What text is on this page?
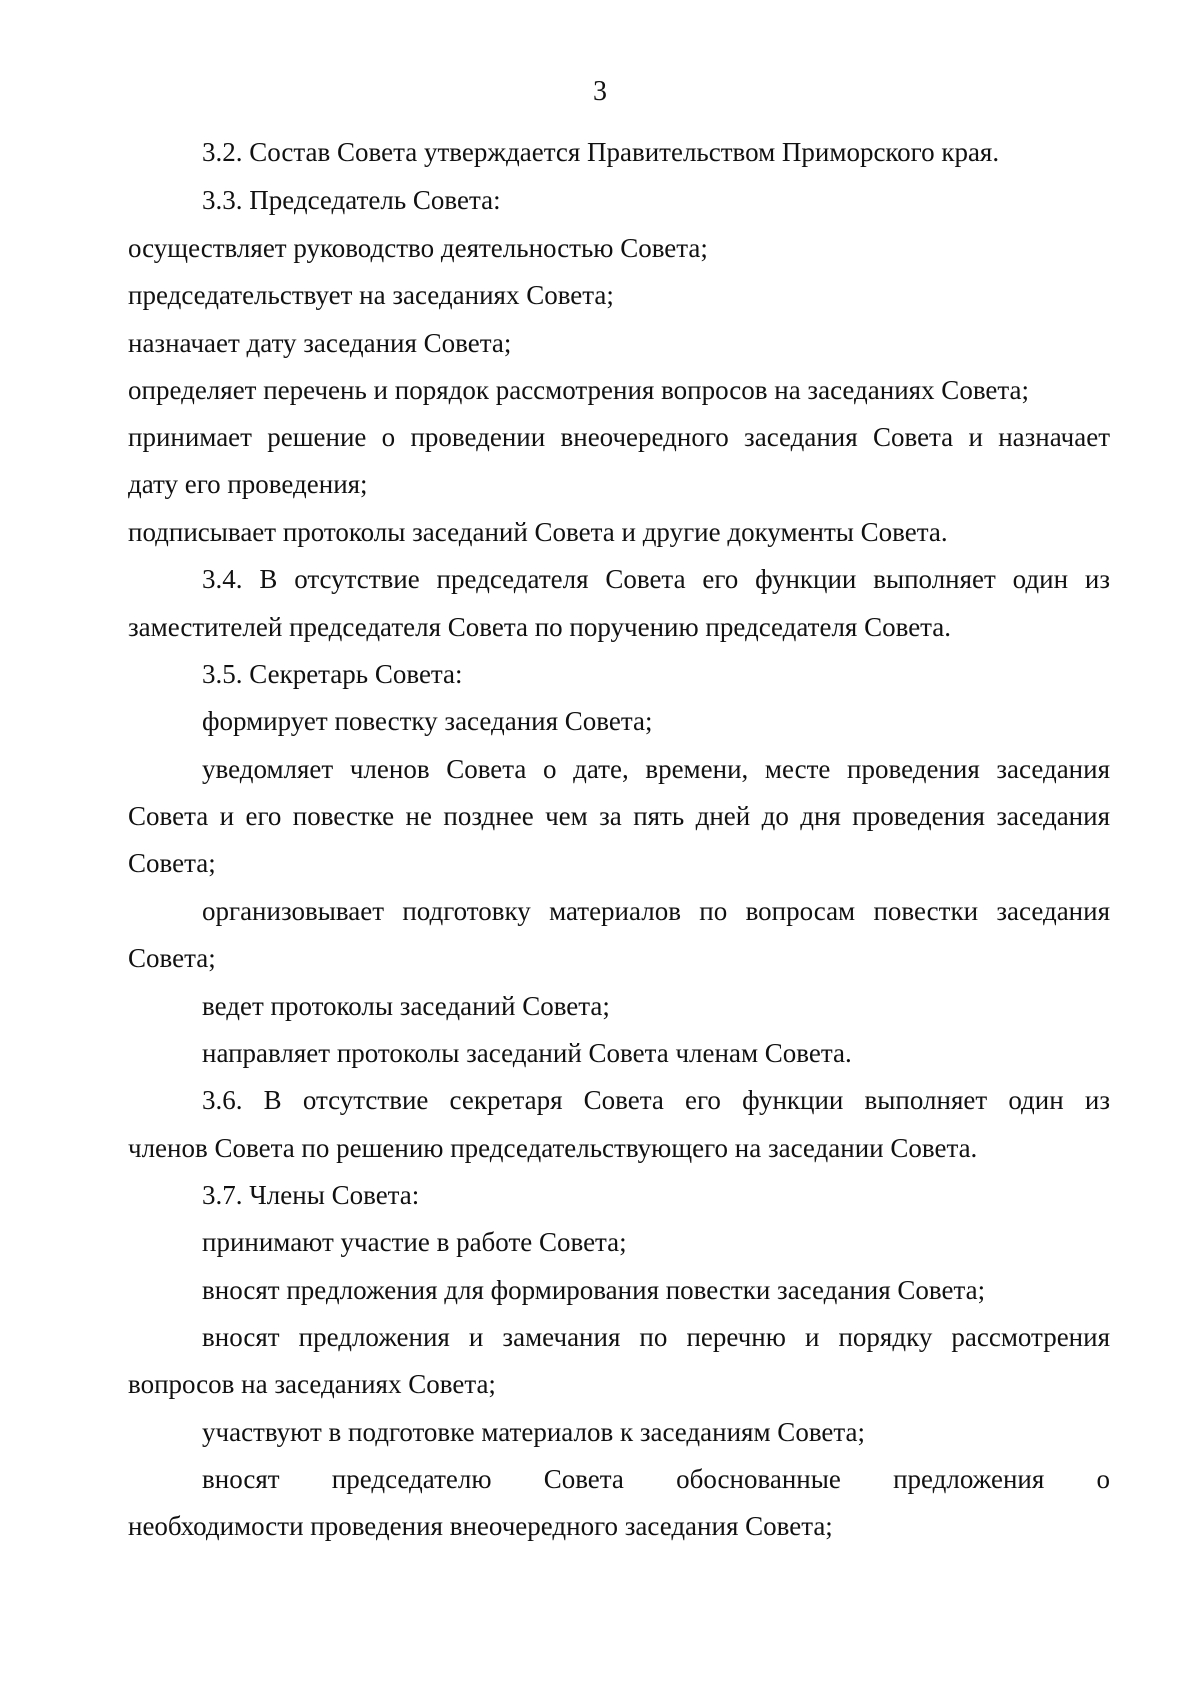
3
3.2. Состав Совета утверждается Правительством Приморского края.
3.3. Председатель Совета:
осуществляет руководство деятельностью Совета;
председательствует на заседаниях Совета;
назначает дату заседания Совета;
определяет перечень и порядок рассмотрения вопросов на заседаниях Совета;
принимает решение о проведении внеочередного заседания Совета и назначает
дату его проведения;
подписывает протоколы заседаний Совета и другие документы Совета.
3.4. В отсутствие председателя Совета его функции выполняет один из
заместителей председателя Совета по поручению председателя Совета.
3.5. Секретарь Совета:
формирует повестку заседания Совета;
уведомляет членов Совета о дате, времени, месте проведения заседания
Совета и его повестке не позднее чем за пять дней до дня проведения заседания
Совета;
организовывает подготовку материалов по вопросам повестки заседания
Совета;
ведет протоколы заседаний Совета;
направляет протоколы заседаний Совета членам Совета.
3.6. В отсутствие секретаря Совета его функции выполняет один из
членов Совета по решению председательствующего на заседании Совета.
3.7. Члены Совета:
принимают участие в работе Совета;
вносят предложения для формирования повестки заседания Совета;
вносят предложения и замечания по перечню и порядку рассмотрения
вопросов на заседаниях Совета;
участвуют в подготовке материалов к заседаниям Совета;
вносят председателю Совета обоснованные предложения о
необходимости проведения внеочередного заседания Совета;
